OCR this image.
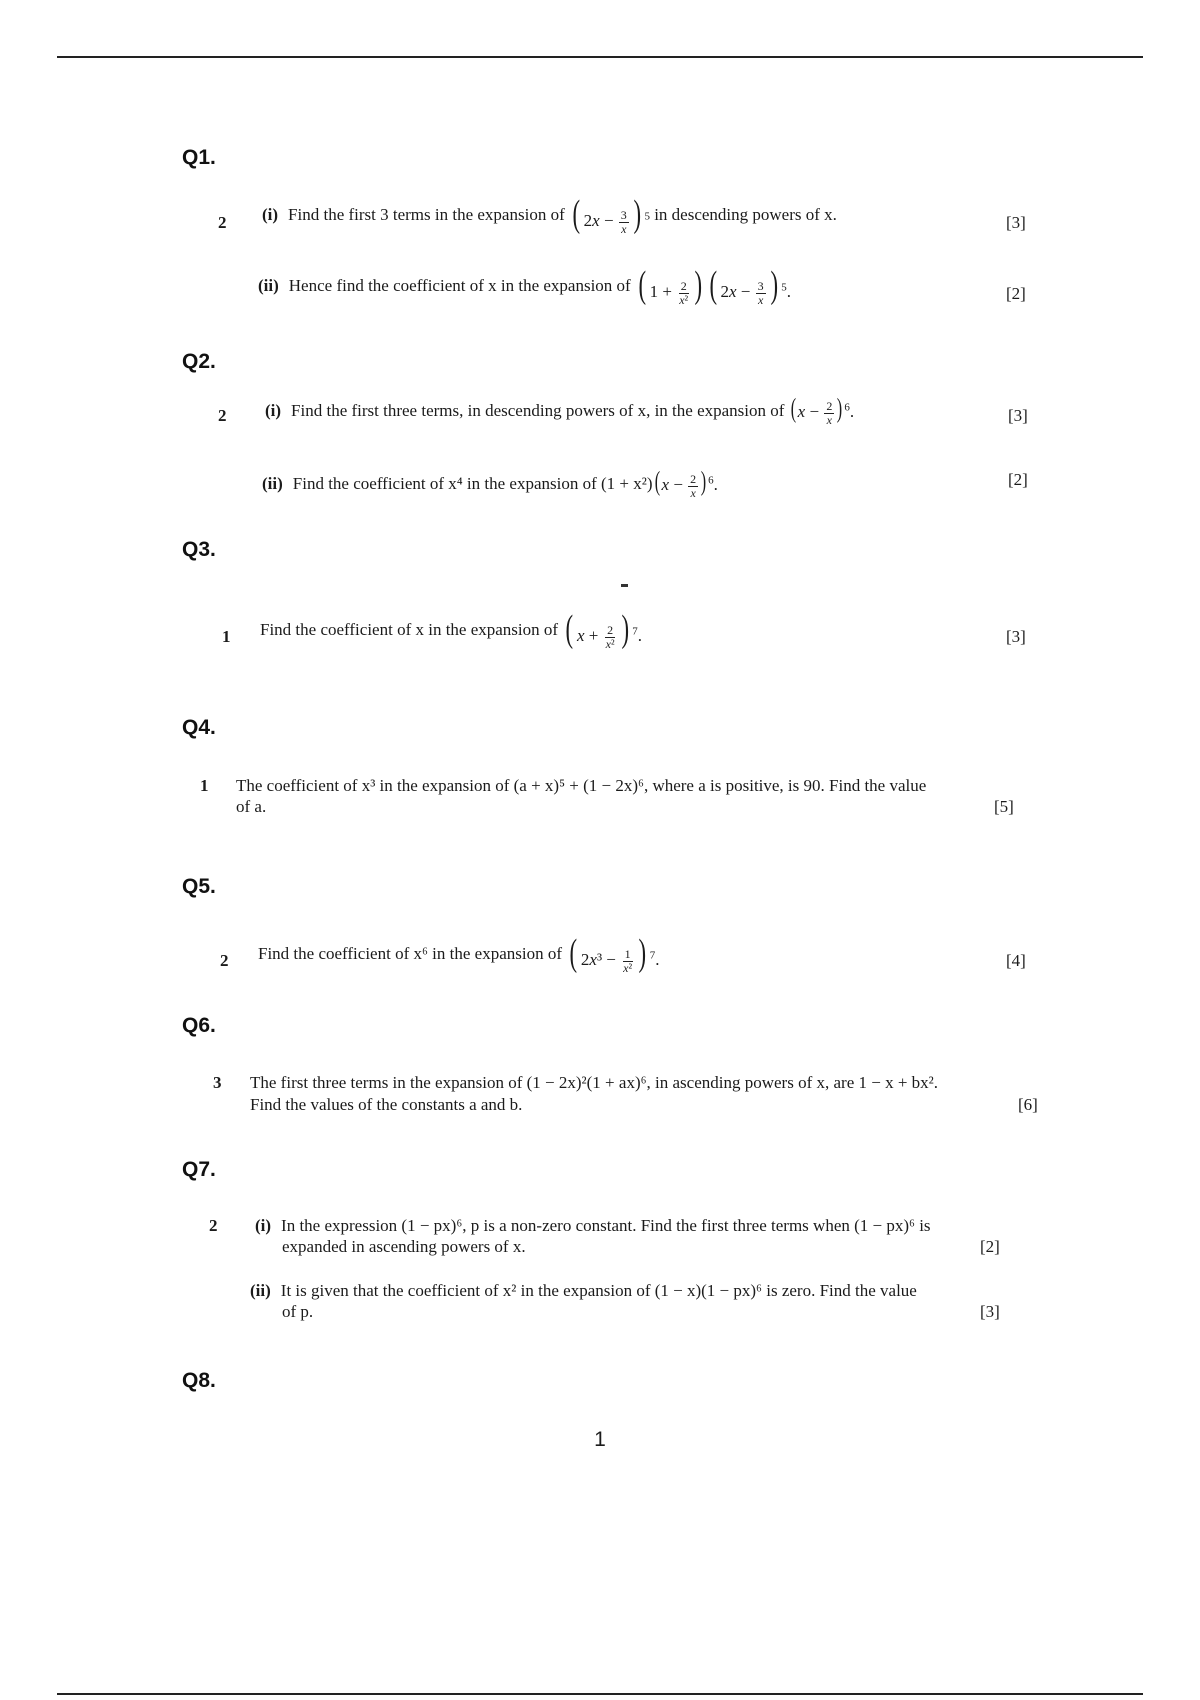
Q1.
2 (i) Find the first 3 terms in the expansion of ( $2x - \frac{3}{x}$ ) $^5$ in descending powers of x.	[3]
(ii) Hence find the coefficient of x in the expansion of ( $1 + \frac{2}{\text{x²}}$ ) ( $2x - \frac{3}{x}$ ) $^5$.	[2]
Q2.
2 (i) Find the first three terms, in descending powers of x, in the expansion of ( $x - \frac{2}{x}$ ) $^6$.	[3]
(ii) Find the coefficient of x⁴ in the expansion of (1 + x²) ( $x - \frac{2}{x}$ ) $^6$.	[2]
Q3.
1 Find the coefficient of x in the expansion of ( $x + \frac{2}{\text{x²}}$ ) $^7$.	[3]
Q4.
1 The coefficient of x³ in the expansion of (a + x)⁵ + (1 − 2x)⁶, where a is positive, is 90. Find the value
of a.	[5]
Q5.
2 Find the coefficient of x⁶ in the expansion of ( $2x^3 - \frac{1}{\text{x²}}$ ) $^7$.	[4]
Q6.
3 The first three terms in the expansion of (1 − 2x)²(1 + ax)⁶, in ascending powers of x, are 1 − x + bx².
Find the values of the constants a and b.	[6]
Q7.
2 (i) In the expression (1 − px)⁶, p is a non-zero constant. Find the first three terms when (1 − px)⁶ is
expanded in ascending powers of x.	[2]
(ii) It is given that the coefficient of x² in the expansion of (1 − x)(1 − px)⁶ is zero. Find the value
of p.	[3]
Q8.
1
